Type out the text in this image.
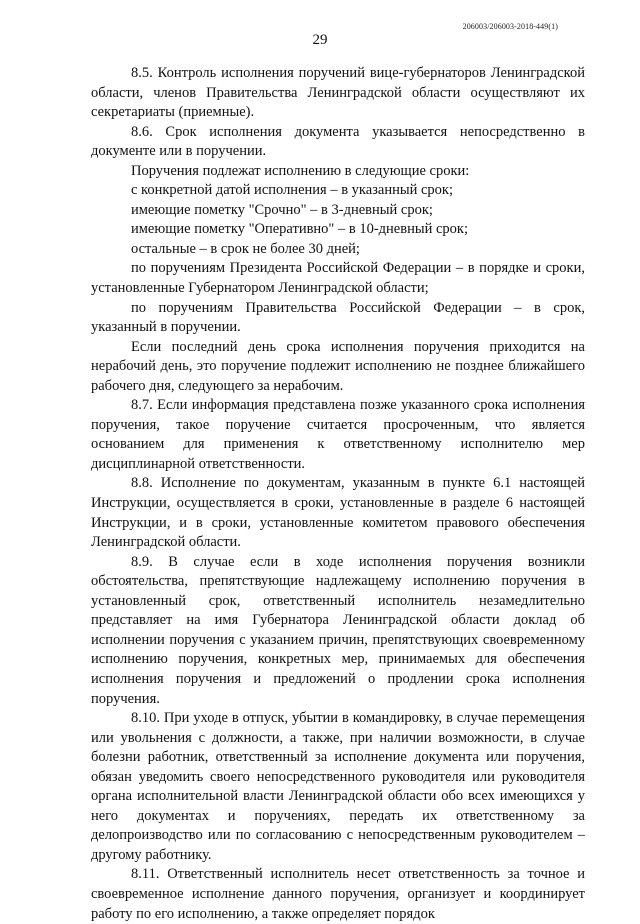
206003/206003-2018-449(1)
29

8.5. Контроль исполнения поручений вице-губернаторов Ленинградской области, членов Правительства Ленинградской области осуществляют их секретариаты (приемные).

8.6. Срок исполнения документа указывается непосредственно в документе или в поручении.

Поручения подлежат исполнению в следующие сроки:

с конкретной датой исполнения – в указанный срок;

имеющие пометку "Срочно" – в 3-дневный срок;

имеющие пометку "Оперативно" – в 10-дневный срок;

остальные – в срок не более 30 дней;

по поручениям Президента Российской Федерации – в порядке и сроки, установленные Губернатором Ленинградской области;

по поручениям Правительства Российской Федерации – в срок, указанный в поручении.

Если последний день срока исполнения поручения приходится на нерабочий день, это поручение подлежит исполнению не позднее ближайшего рабочего дня, следующего за нерабочим.

8.7. Если информация представлена позже указанного срока исполнения поручения, такое поручение считается просроченным, что является основанием для применения к ответственному исполнителю мер дисциплинарной ответственности.

8.8. Исполнение по документам, указанным в пункте 6.1 настоящей Инструкции, осуществляется в сроки, установленные в разделе 6 настоящей Инструкции, и в сроки, установленные комитетом правового обеспечения Ленинградской области.

8.9. В случае если в ходе исполнения поручения возникли обстоятельства, препятствующие надлежащему исполнению поручения в установленный срок, ответственный исполнитель незамедлительно представляет на имя Губернатора Ленинградской области доклад об исполнении поручения с указанием причин, препятствующих своевременному исполнению поручения, конкретных мер, принимаемых для обеспечения исполнения поручения и предложений о продлении срока исполнения поручения.

8.10. При уходе в отпуск, убытии в командировку, в случае перемещения или увольнения с должности, а также, при наличии возможности, в случае болезни работник, ответственный за исполнение документа или поручения, обязан уведомить своего непосредственного руководителя или руководителя органа исполнительной власти Ленинградской области обо всех имеющихся у него документах и поручениях, передать их ответственному за делопроизводство или по согласованию с непосредственным руководителем – другому работнику.

8.11. Ответственный исполнитель несет ответственность за точное и своевременное исполнение данного поручения, организует и координирует работу по его исполнению, а также определяет порядок
